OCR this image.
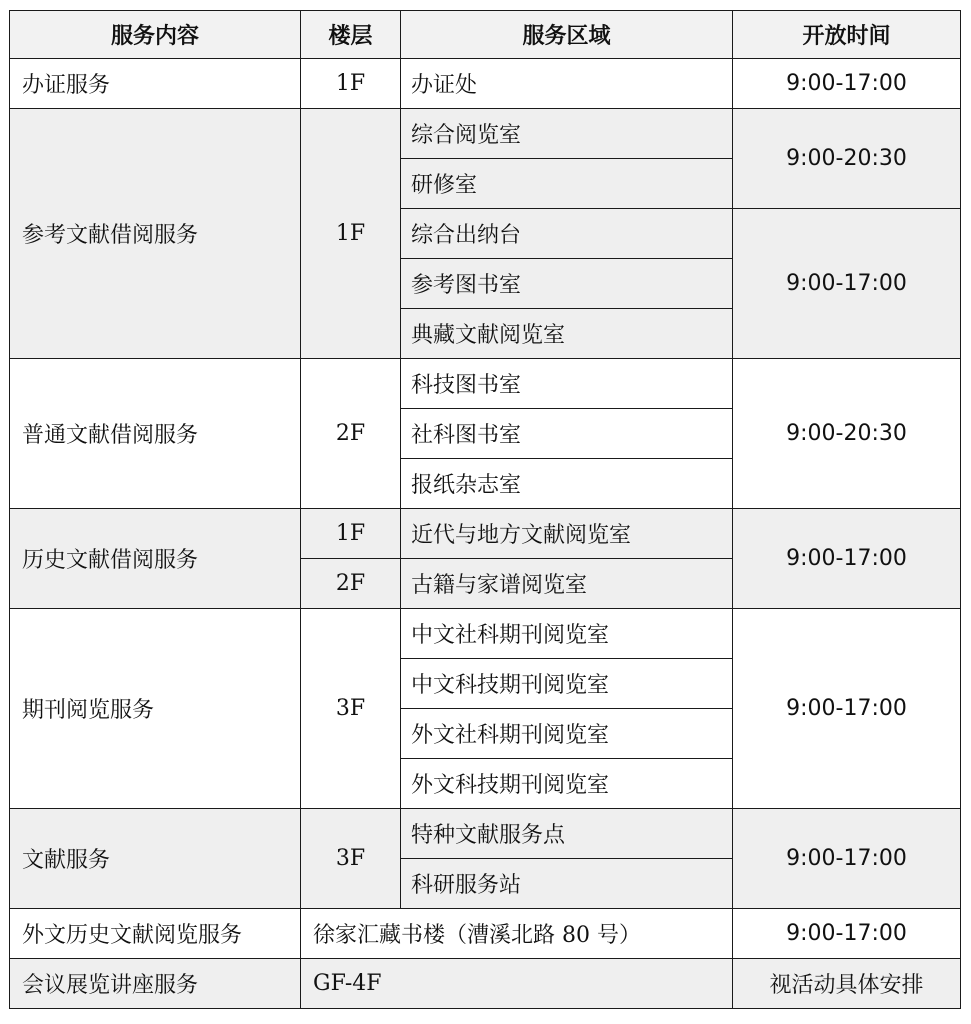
服务内容	楼层	服务区域	开放时间
办证服务	1F	办证处	9:00-17:00
参考文献借阅服务	1F	综合阅览室	9:00-20:30
		研修室	
		综合出纳台	9:00-17:00
		参考图书室	
		典藏文献阅览室	
普通文献借阅服务	2F	科技图书室	9:00-20:30
		社科图书室	
		报纸杂志室	
历史文献借阅服务	1F	近代与地方文献阅览室	9:00-17:00
	2F	古籍与家谱阅览室	
期刊阅览服务	3F	中文社科期刊阅览室	9:00-17:00
		中文科技期刊阅览室	
		外文社科期刊阅览室	
		外文科技期刊阅览室	
文献服务	3F	特种文献服务点	9:00-17:00
		科研服务站	
外文历史文献阅览服务	徐家汇藏书楼（漕溪北路 80 号）		9:00-17:00
会议展览讲座服务	GF-4F		视活动具体安排
